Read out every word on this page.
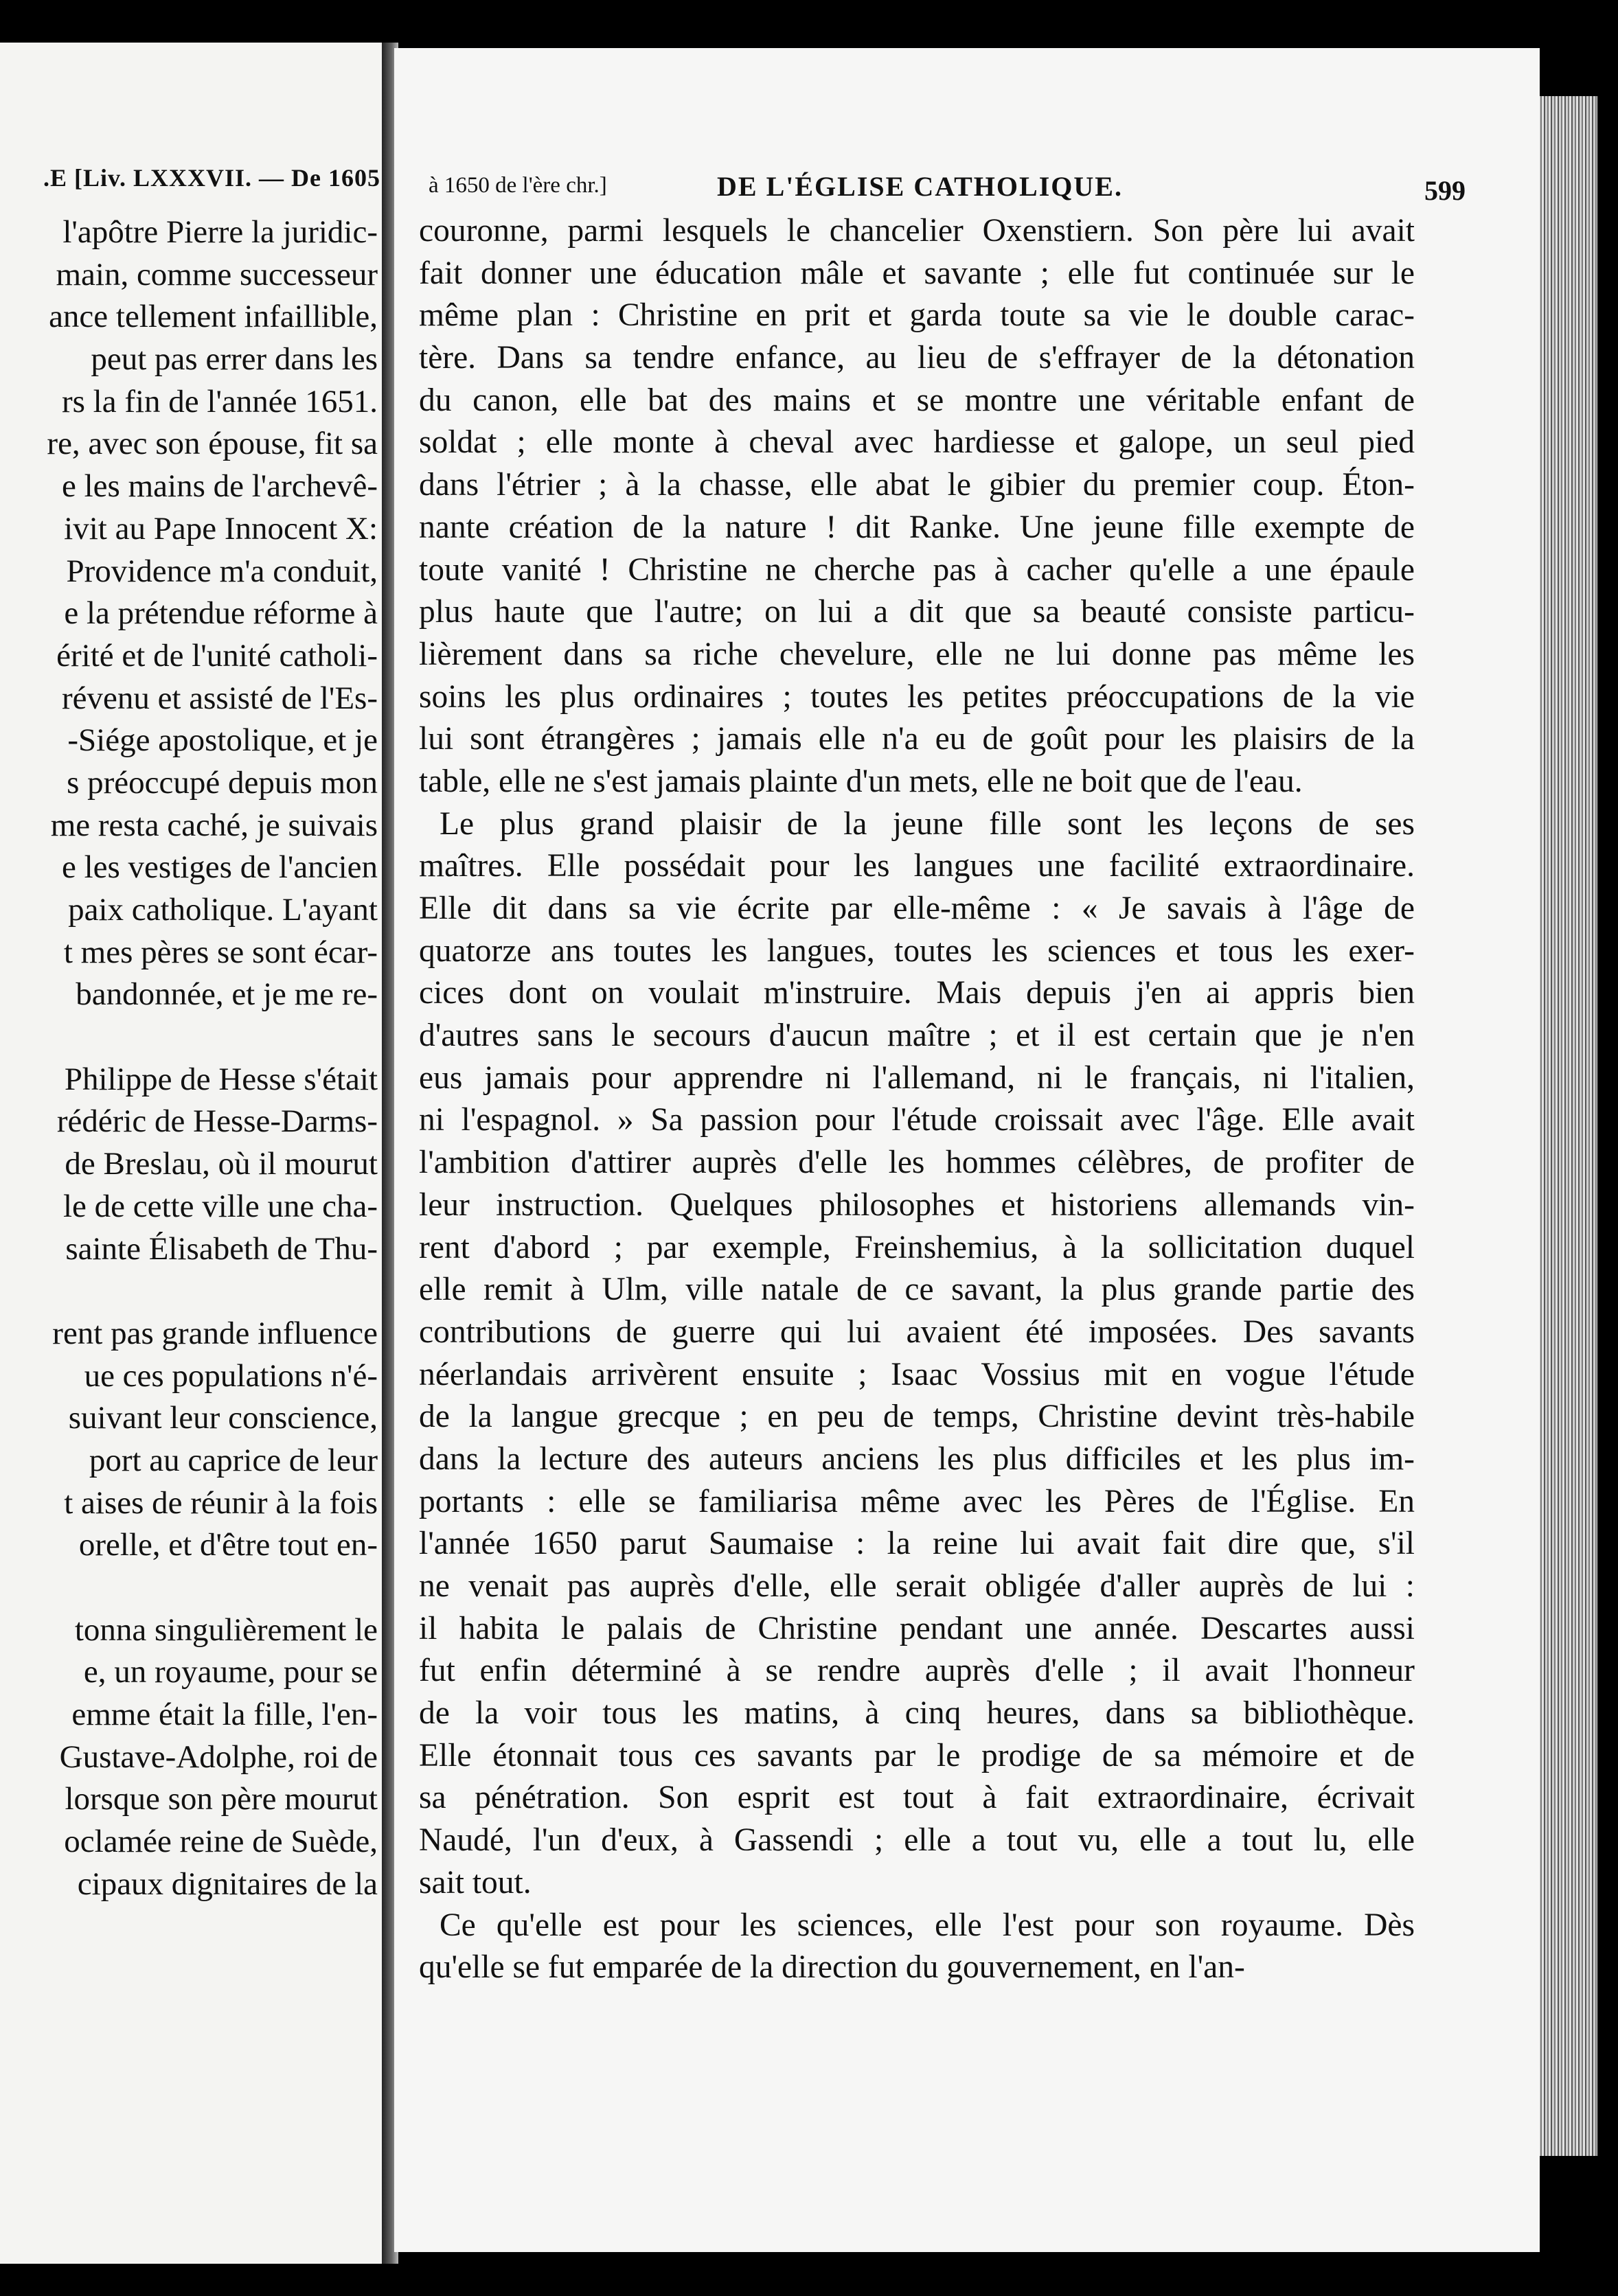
.E [Liv. LXXXVII. — De 1605
l'apôtre Pierre la juridic-
main, comme successeur
ance tellement infaillible,
peut pas errer dans les
rs la fin de l'année 1651.
re, avec son épouse, fit sa
e les mains de l'archevê-
ivit au Pape Innocent X:
Providence m'a conduit,
e la prétendue réforme à
érité et de l'unité catholi-
révenu et assisté de l'Es-
-Siége apostolique, et je
s préoccupé depuis mon
me resta caché, je suivais
e les vestiges de l'ancien
paix catholique. L'ayant
t mes pères se sont écar-
bandonnée, et je me re-
Philippe de Hesse s'était
rédéric de Hesse-Darms-
de Breslau, où il mourut
le de cette ville une cha-
sainte Élisabeth de Thu-
rent pas grande influence
ue ces populations n'é-
suivant leur conscience,
port au caprice de leur
t aises de réunir à la fois
orelle, et d'être tout en-
tonna singulièrement le
e, un royaume, pour se
emme était la fille, l'en-
Gustave-Adolphe, roi de
lorsque son père mourut
oclamée reine de Suède,
cipaux dignitaires de la
à 1650 de l'ère chr.]	DE L'ÉGLISE CATHOLIQUE.	599
couronne, parmi lesquels le chancelier Oxenstiern. Son père lui avait
fait donner une éducation mâle et savante ; elle fut continuée sur le
même plan : Christine en prit et garda toute sa vie le double carac-
tère. Dans sa tendre enfance, au lieu de s'effrayer de la détonation
du canon, elle bat des mains et se montre une véritable enfant de
soldat ; elle monte à cheval avec hardiesse et galope, un seul pied
dans l'étrier ; à la chasse, elle abat le gibier du premier coup. Éton-
nante création de la nature ! dit Ranke. Une jeune fille exempte de
toute vanité ! Christine ne cherche pas à cacher qu'elle a une épaule
plus haute que l'autre; on lui a dit que sa beauté consiste particu-
lièrement dans sa riche chevelure, elle ne lui donne pas même les
soins les plus ordinaires ; toutes les petites préoccupations de la vie
lui sont étrangères ; jamais elle n'a eu de goût pour les plaisirs de la
table, elle ne s'est jamais plainte d'un mets, elle ne boit que de l'eau.
Le plus grand plaisir de la jeune fille sont les leçons de ses
maîtres. Elle possédait pour les langues une facilité extraordinaire.
Elle dit dans sa vie écrite par elle-même : « Je savais à l'âge de
quatorze ans toutes les langues, toutes les sciences et tous les exer-
cices dont on voulait m'instruire. Mais depuis j'en ai appris bien
d'autres sans le secours d'aucun maître ; et il est certain que je n'en
eus jamais pour apprendre ni l'allemand, ni le français, ni l'italien,
ni l'espagnol. » Sa passion pour l'étude croissait avec l'âge. Elle avait
l'ambition d'attirer auprès d'elle les hommes célèbres, de profiter de
leur instruction. Quelques philosophes et historiens allemands vin-
rent d'abord ; par exemple, Freinshemius, à la sollicitation duquel
elle remit à Ulm, ville natale de ce savant, la plus grande partie des
contributions de guerre qui lui avaient été imposées. Des savants
néerlandais arrivèrent ensuite ; Isaac Vossius mit en vogue l'étude
de la langue grecque ; en peu de temps, Christine devint très-habile
dans la lecture des auteurs anciens les plus difficiles et les plus im-
portants : elle se familiarisa même avec les Pères de l'Église. En
l'année 1650 parut Saumaise : la reine lui avait fait dire que, s'il
ne venait pas auprès d'elle, elle serait obligée d'aller auprès de lui :
il habita le palais de Christine pendant une année. Descartes aussi
fut enfin déterminé à se rendre auprès d'elle ; il avait l'honneur
de la voir tous les matins, à cinq heures, dans sa bibliothèque.
Elle étonnait tous ces savants par le prodige de sa mémoire et de
sa pénétration. Son esprit est tout à fait extraordinaire, écrivait
Naudé, l'un d'eux, à Gassendi ; elle a tout vu, elle a tout lu, elle
sait tout.
Ce qu'elle est pour les sciences, elle l'est pour son royaume. Dès
qu'elle se fut emparée de la direction du gouvernement, en l'an-
